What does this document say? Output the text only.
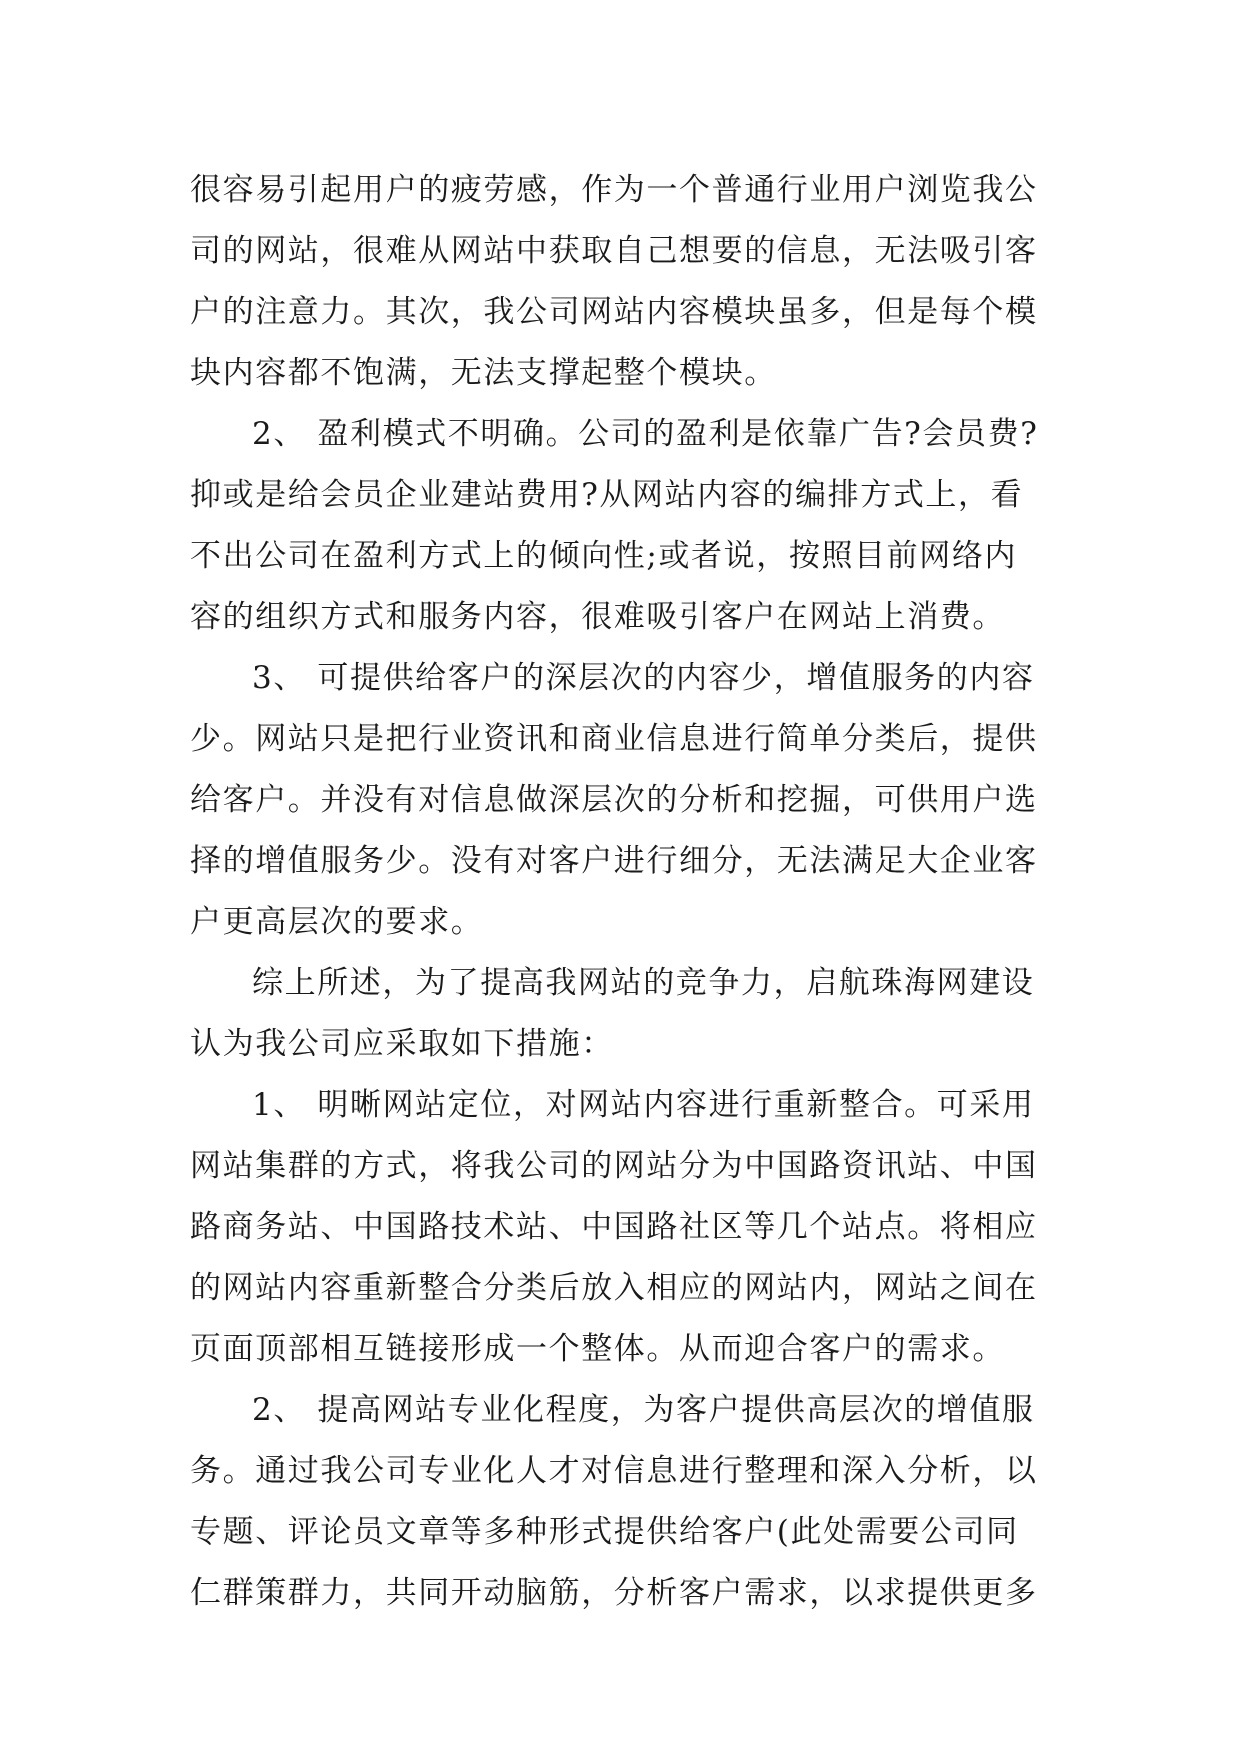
很容易引起用户的疲劳感，作为一个普通行业用户浏览我公
司的网站，很难从网站中获取自己想要的信息，无法吸引客
户的注意力。其次，我公司网站内容模块虽多，但是每个模
块内容都不饱满，无法支撑起整个模块。
2、 盈利模式不明确。公司的盈利是依靠广告?会员费?
抑或是给会员企业建站费用?从网站内容的编排方式上，看
不出公司在盈利方式上的倾向性;或者说，按照目前网络内
容的组织方式和服务内容，很难吸引客户在网站上消费。
3、 可提供给客户的深层次的内容少，增值服务的内容
少。网站只是把行业资讯和商业信息进行简单分类后，提供
给客户。并没有对信息做深层次的分析和挖掘，可供用户选
择的增值服务少。没有对客户进行细分，无法满足大企业客
户更高层次的要求。
综上所述，为了提高我网站的竞争力，启航珠海网建设
认为我公司应采取如下措施：
1、 明晰网站定位，对网站内容进行重新整合。可采用
网站集群的方式，将我公司的网站分为中国路资讯站、中国
路商务站、中国路技术站、中国路社区等几个站点。将相应
的网站内容重新整合分类后放入相应的网站内，网站之间在
页面顶部相互链接形成一个整体。从而迎合客户的需求。
2、 提高网站专业化程度，为客户提供高层次的增值服
务。通过我公司专业化人才对信息进行整理和深入分析，以
专题、评论员文章等多种形式提供给客户(此处需要公司同
仁群策群力，共同开动脑筋，分析客户需求，以求提供更多
